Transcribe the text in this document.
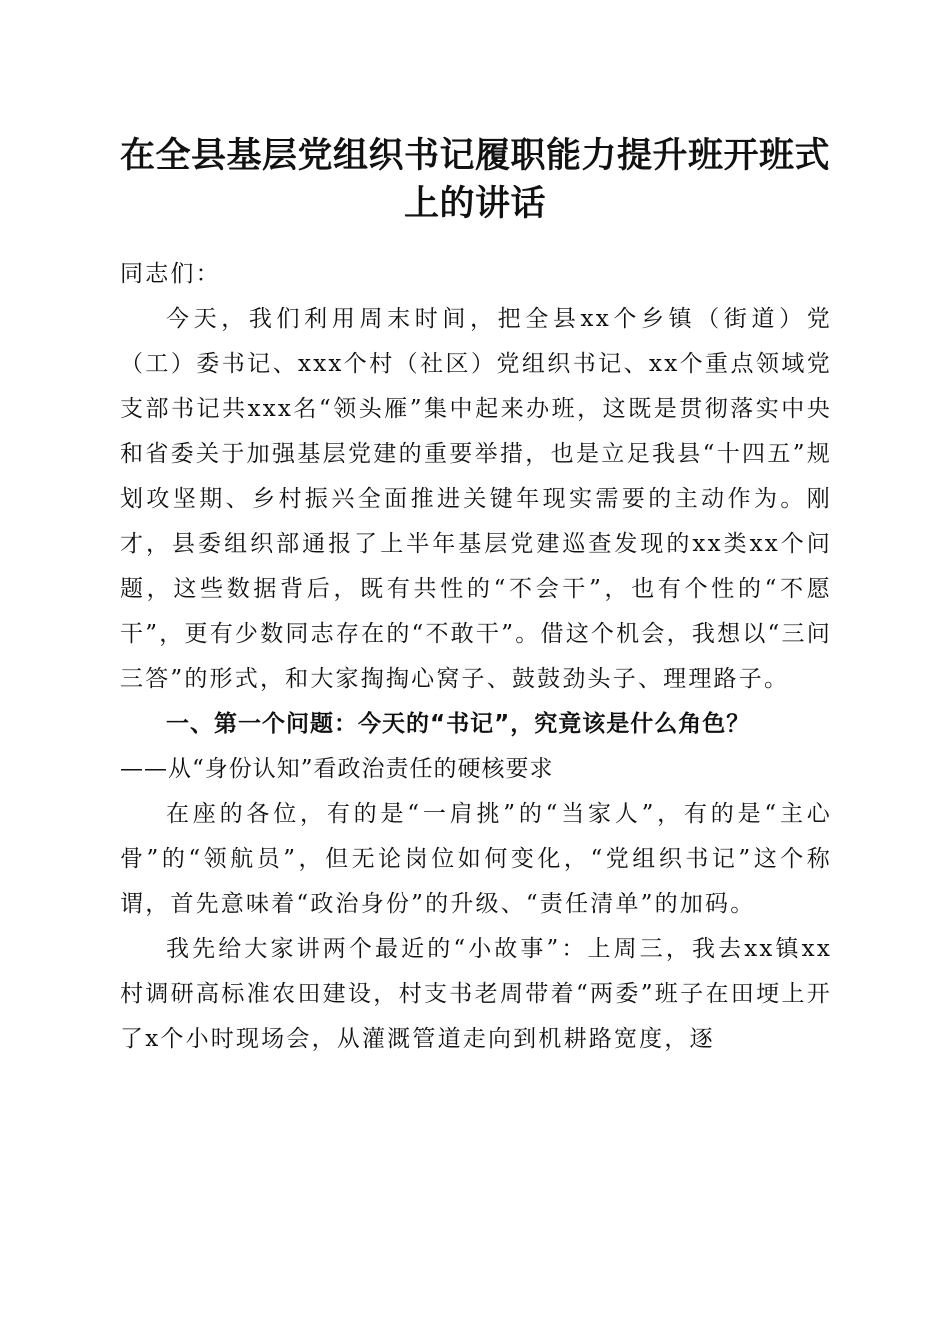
在全县基层党组织书记履职能力提升班开班式
上的讲话

同志们：

今天，我们利用周末时间，把全县xx个乡镇（街道）党（工）委书记、xxx个村（社区）党组织书记、xx个重点领域党支部书记共xxx名“领头雁”集中起来办班，这既是贯彻落实中央和省委关于加强基层党建的重要举措，也是立足我县“十四五”规划攻坚期、乡村振兴全面推进关键年现实需要的主动作为。刚才，县委组织部通报了上半年基层党建巡查发现的xx类xx个问题，这些数据背后，既有共性的“不会干”，也有个性的“不愿干”，更有少数同志存在的“不敢干”。借这个机会，我想以“三问三答”的形式，和大家掏掏心窝子、鼓鼓劲头子、理理路子。

一、第一个问题：今天的“书记”，究竟该是什么角色？

——从“身份认知”看政治责任的硬核要求

在座的各位，有的是“一肩挑”的“当家人”，有的是“主心骨”的“领航员”，但无论岗位如何变化，“党组织书记”这个称谓，首先意味着“政治身份”的升级、“责任清单”的加码。

我先给大家讲两个最近的“小故事”：上周三，我去xx镇xx村调研高标准农田建设，村支书老周带着“两委”班子在田埂上开了x个小时现场会，从灌溉管道走向到机耕路宽度，逐
